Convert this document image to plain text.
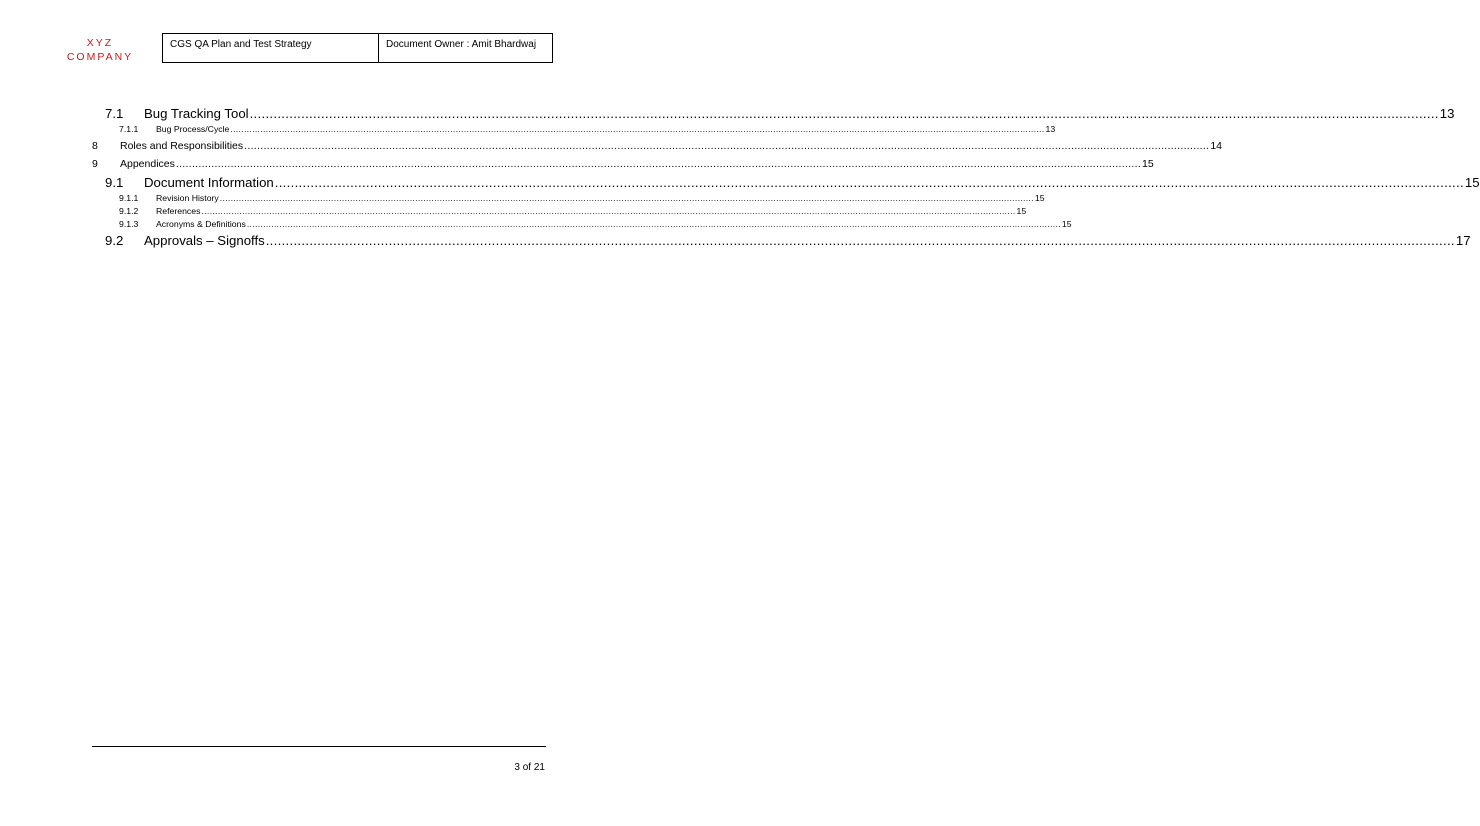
XYZ
COMPANY
CGS QA Plan and Test Strategy	Document Owner : Amit Bhardwaj
7.1	Bug Tracking Tool ............................................................................................................................................................................................................................................................................................................ 13
7.1.1	Bug Process/Cycle ............................................................................................................................................................................................................................................................................................................ 13
8	Roles and Responsibilities ............................................................................................................................................................................................................................................................................................................ 14
9	Appendices ............................................................................................................................................................................................................................................................................................................ 15
9.1	Document Information ............................................................................................................................................................................................................................................................................................................ 15
9.1.1	Revision History ............................................................................................................................................................................................................................................................................................................ 15
9.1.2	References ............................................................................................................................................................................................................................................................................................................ 15
9.1.3	Acronyms & Definitions ............................................................................................................................................................................................................................................................................................................ 15
9.2	Approvals – Signoffs ............................................................................................................................................................................................................................................................................................................ 17
3 of 21
